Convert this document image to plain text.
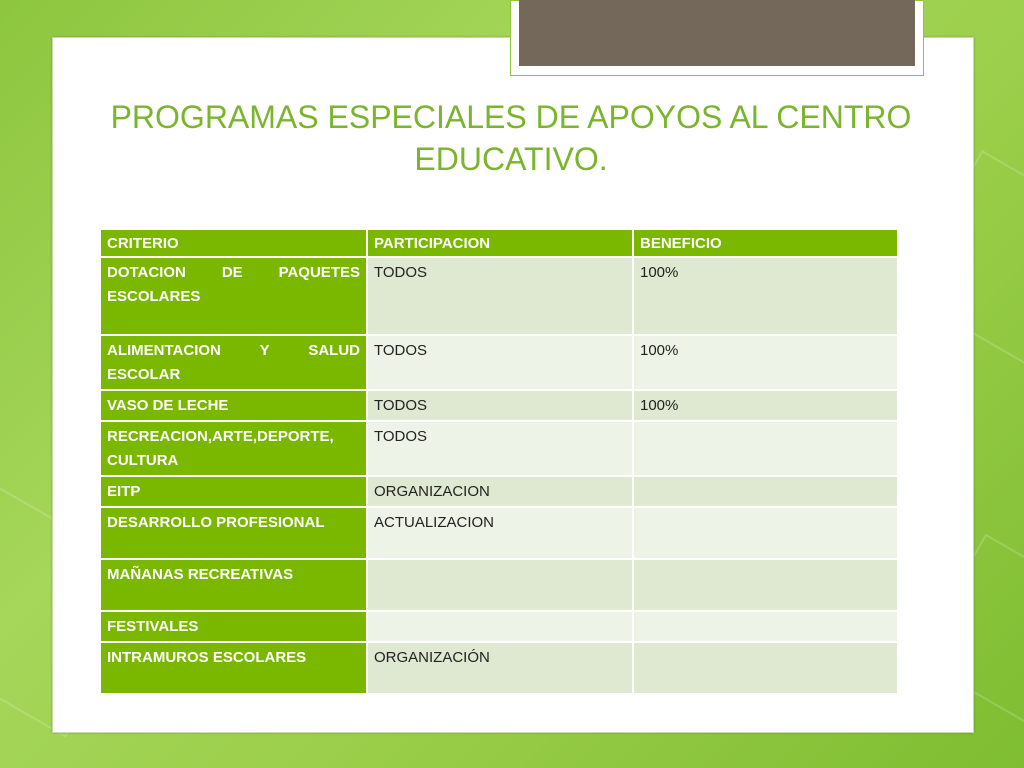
PROGRAMAS ESPECIALES DE APOYOS AL CENTRO EDUCATIVO.
CRITERIO	PARTICIPACION	BENEFICIO
DOTACION DE PAQUETES ESCOLARES	TODOS	100%
ALIMENTACION Y SALUD ESCOLAR	TODOS	100%
VASO DE LECHE	TODOS	100%
RECREACION,ARTE,DEPORTE, CULTURA	TODOS	
EITP	ORGANIZACION	
DESARROLLO PROFESIONAL	ACTUALIZACION	
MAÑANAS RECREATIVAS		
FESTIVALES		
INTRAMUROS ESCOLARES	ORGANIZACIÓN	
